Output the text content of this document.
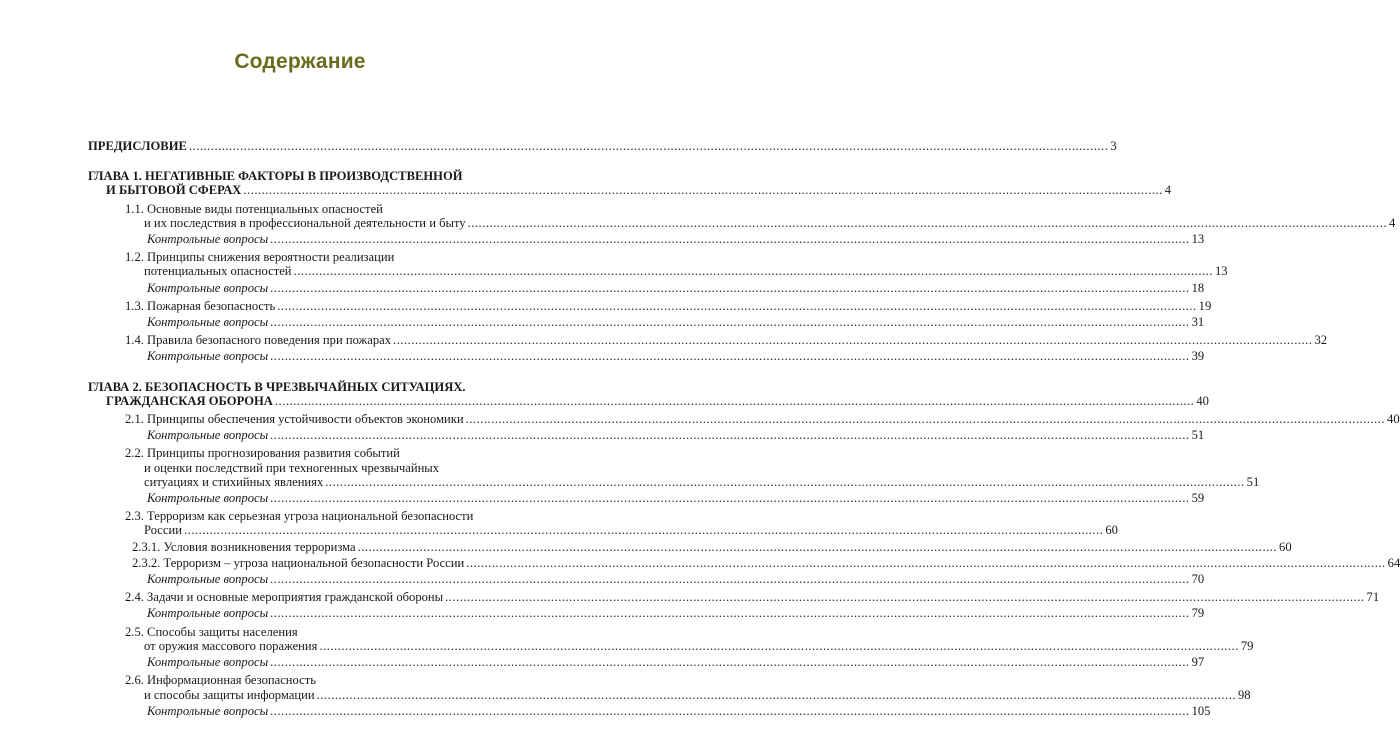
Содержание
ПРЕДИСЛОВИЕ .....	3
ГЛАВА 1. НЕГАТИВНЫЕ ФАКТОРЫ В ПРОИЗВОДСТВЕННОЙ
И БЫТОВОЙ СФЕРАХ .....	4
1.1. Основные виды потенциальных опасностей
и их последствия в профессиональной деятельности и быту .....	4
Контрольные вопросы .....	13
1.2. Принципы снижения вероятности реализации
потенциальных опасностей .....	13
Контрольные вопросы .....	18
1.3. Пожарная безопасность .....	19
Контрольные вопросы .....	31
1.4. Правила безопасного поведения при пожарах .....	32
Контрольные вопросы .....	39
ГЛАВА 2. БЕЗОПАСНОСТЬ В ЧРЕЗВЫЧАЙНЫХ СИТУАЦИЯХ.
ГРАЖДАНСКАЯ ОБОРОНА .....	40
2.1. Принципы обеспечения устойчивости объектов экономики .....	40
Контрольные вопросы .....	51
2.2. Принципы прогнозирования развития событий
и оценки последствий при техногенных чрезвычайных
ситуациях и стихийных явлениях .....	51
Контрольные вопросы .....	59
2.3. Терроризм как серьезная угроза национальной безопасности
России .....	60
2.3.1. Условия возникновения терроризма .....	60
2.3.2. Терроризм – угроза национальной безопасности России .....	64
Контрольные вопросы .....	70
2.4. Задачи и основные мероприятия гражданской обороны .....	71
Контрольные вопросы .....	79
2.5. Способы защиты населения
от оружия массового поражения .....	79
Контрольные вопросы .....	97
2.6. Информационная безопасность
и способы защиты информации .....	98
Контрольные вопросы .....	105
